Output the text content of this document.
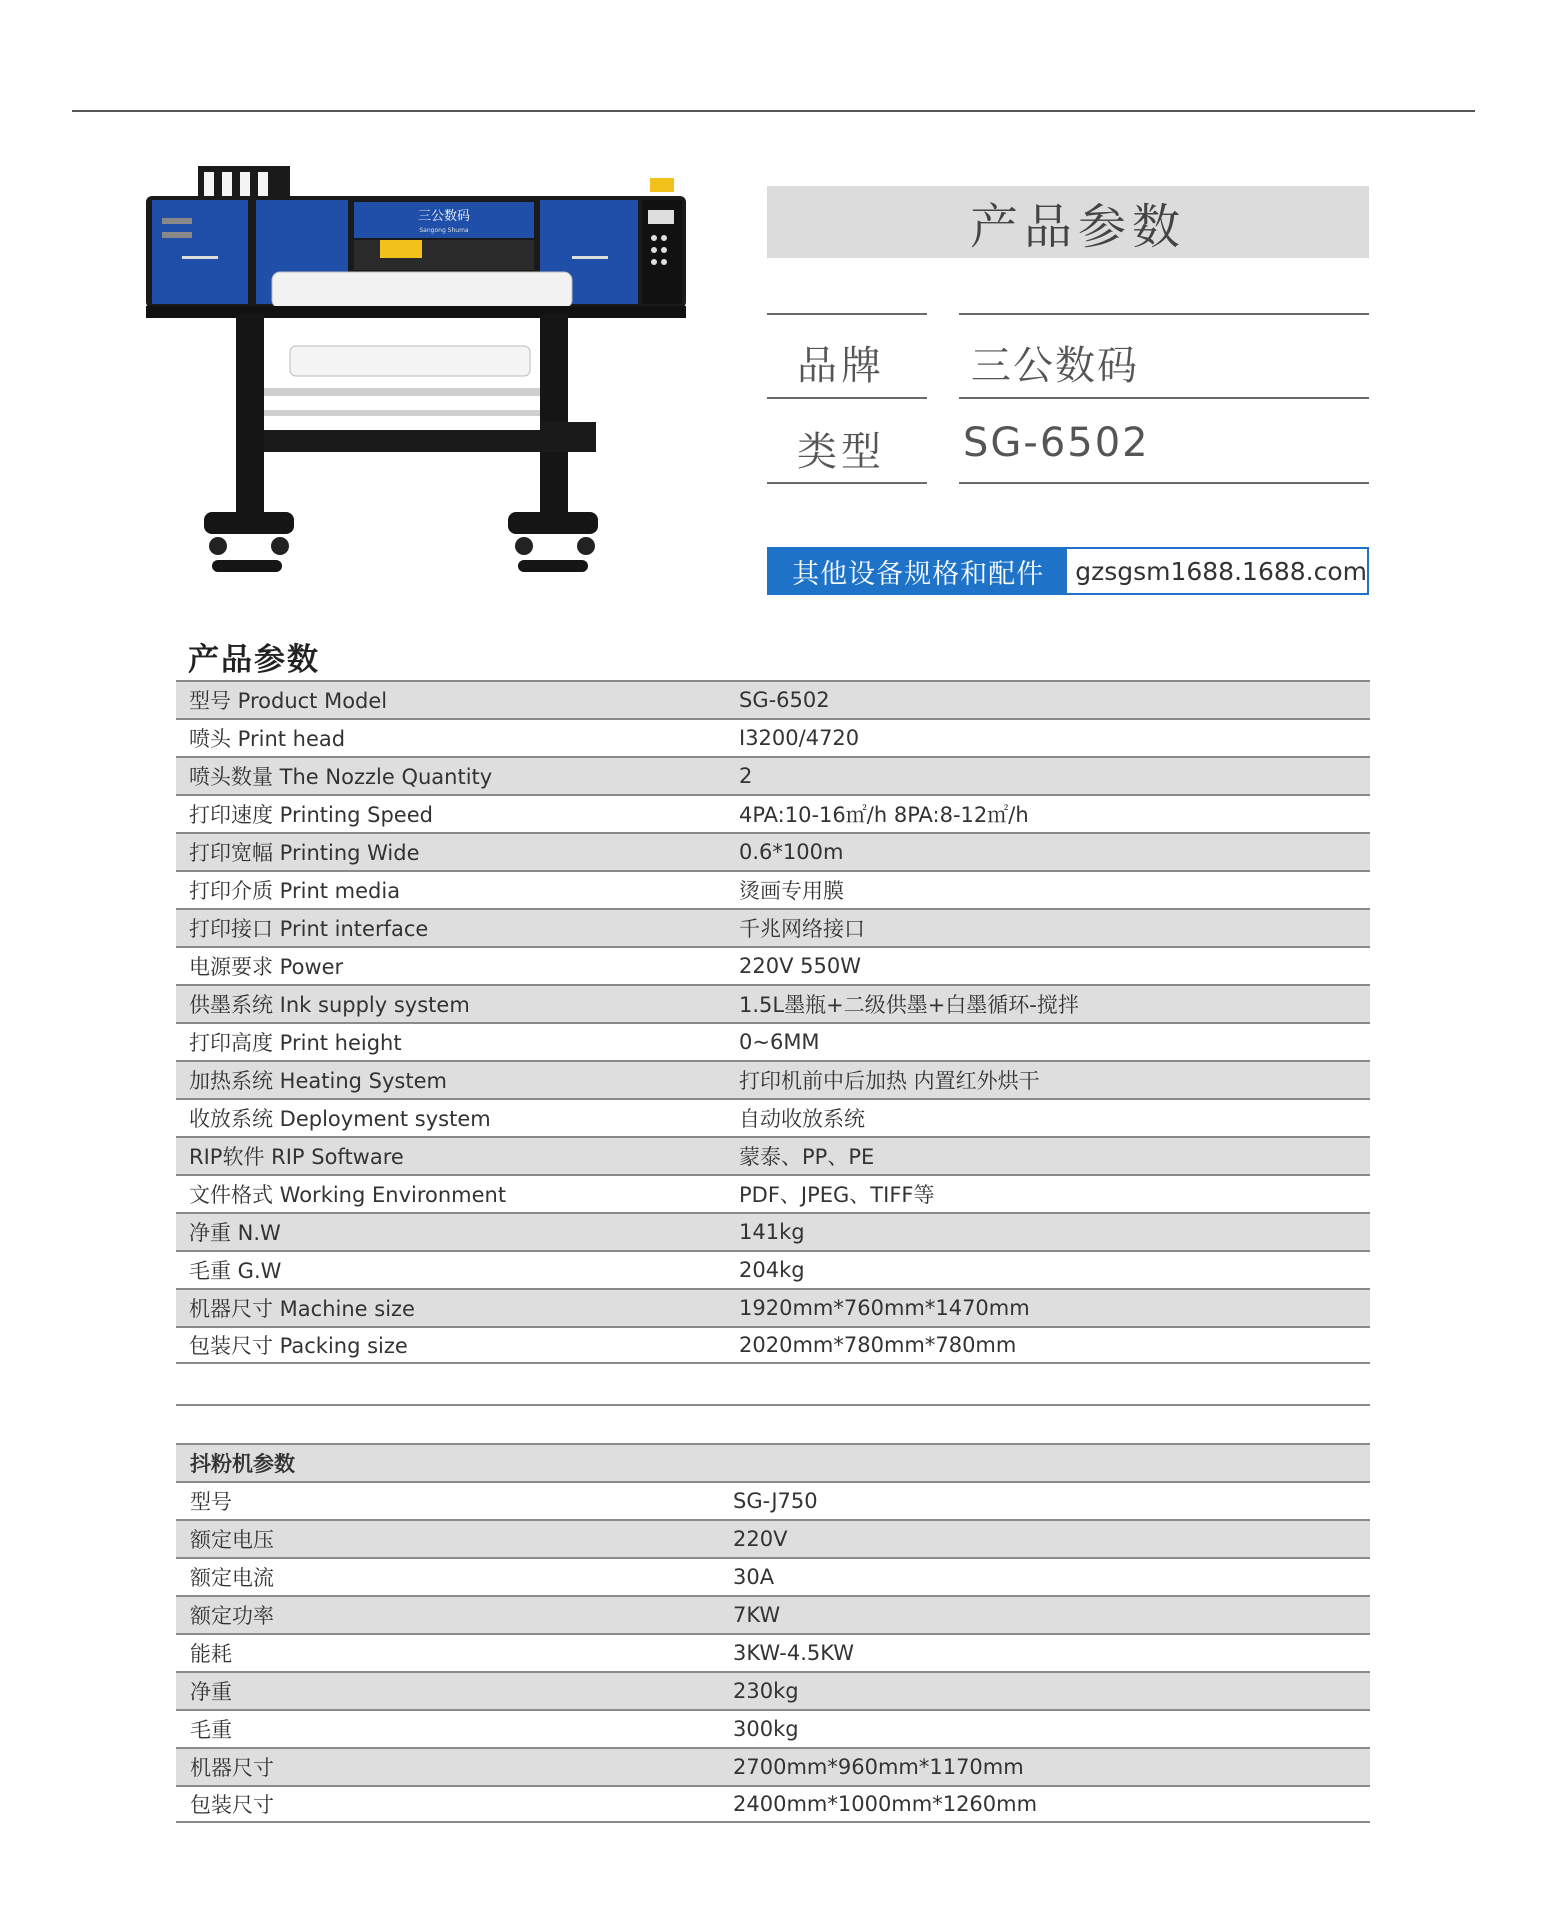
三公数码
Sangong Shuma	产品参数
品牌 三公数码
类型 SG-6502
其他设备规格和配件	gzsgsm1688.1688.com
产品参数
型号 Product Model	SG-6502
喷头 Print head	I3200/4720
喷头数量 The Nozzle Quantity	2
打印速度 Printing Speed	4PA:10-16㎡/h 8PA:8-12㎡/h
打印宽幅 Printing Wide	0.6*100m
打印介质 Print media	烫画专用膜
打印接口 Print interface	千兆网络接口
电源要求 Power	220V 550W
供墨系统 Ink supply system	1.5L墨瓶+二级供墨+白墨循环-搅拌
打印高度 Print height	0~6MM
加热系统 Heating System	打印机前中后加热 内置红外烘干
收放系统 Deployment system	自动收放系统
RIP软件 RIP Software	蒙泰、PP、PE
文件格式 Working Environment	PDF、JPEG、TIFF等
净重 N.W	141kg
毛重 G.W	204kg
机器尺寸 Machine size	1920mm*760mm*1470mm
包装尺寸 Packing size	2020mm*780mm*780mm
抖粉机参数
型号	SG-J750
额定电压	220V
额定电流	30A
额定功率	7KW
能耗	3KW-4.5KW
净重	230kg
毛重	300kg
机器尺寸	2700mm*960mm*1170mm
包装尺寸	2400mm*1000mm*1260mm
